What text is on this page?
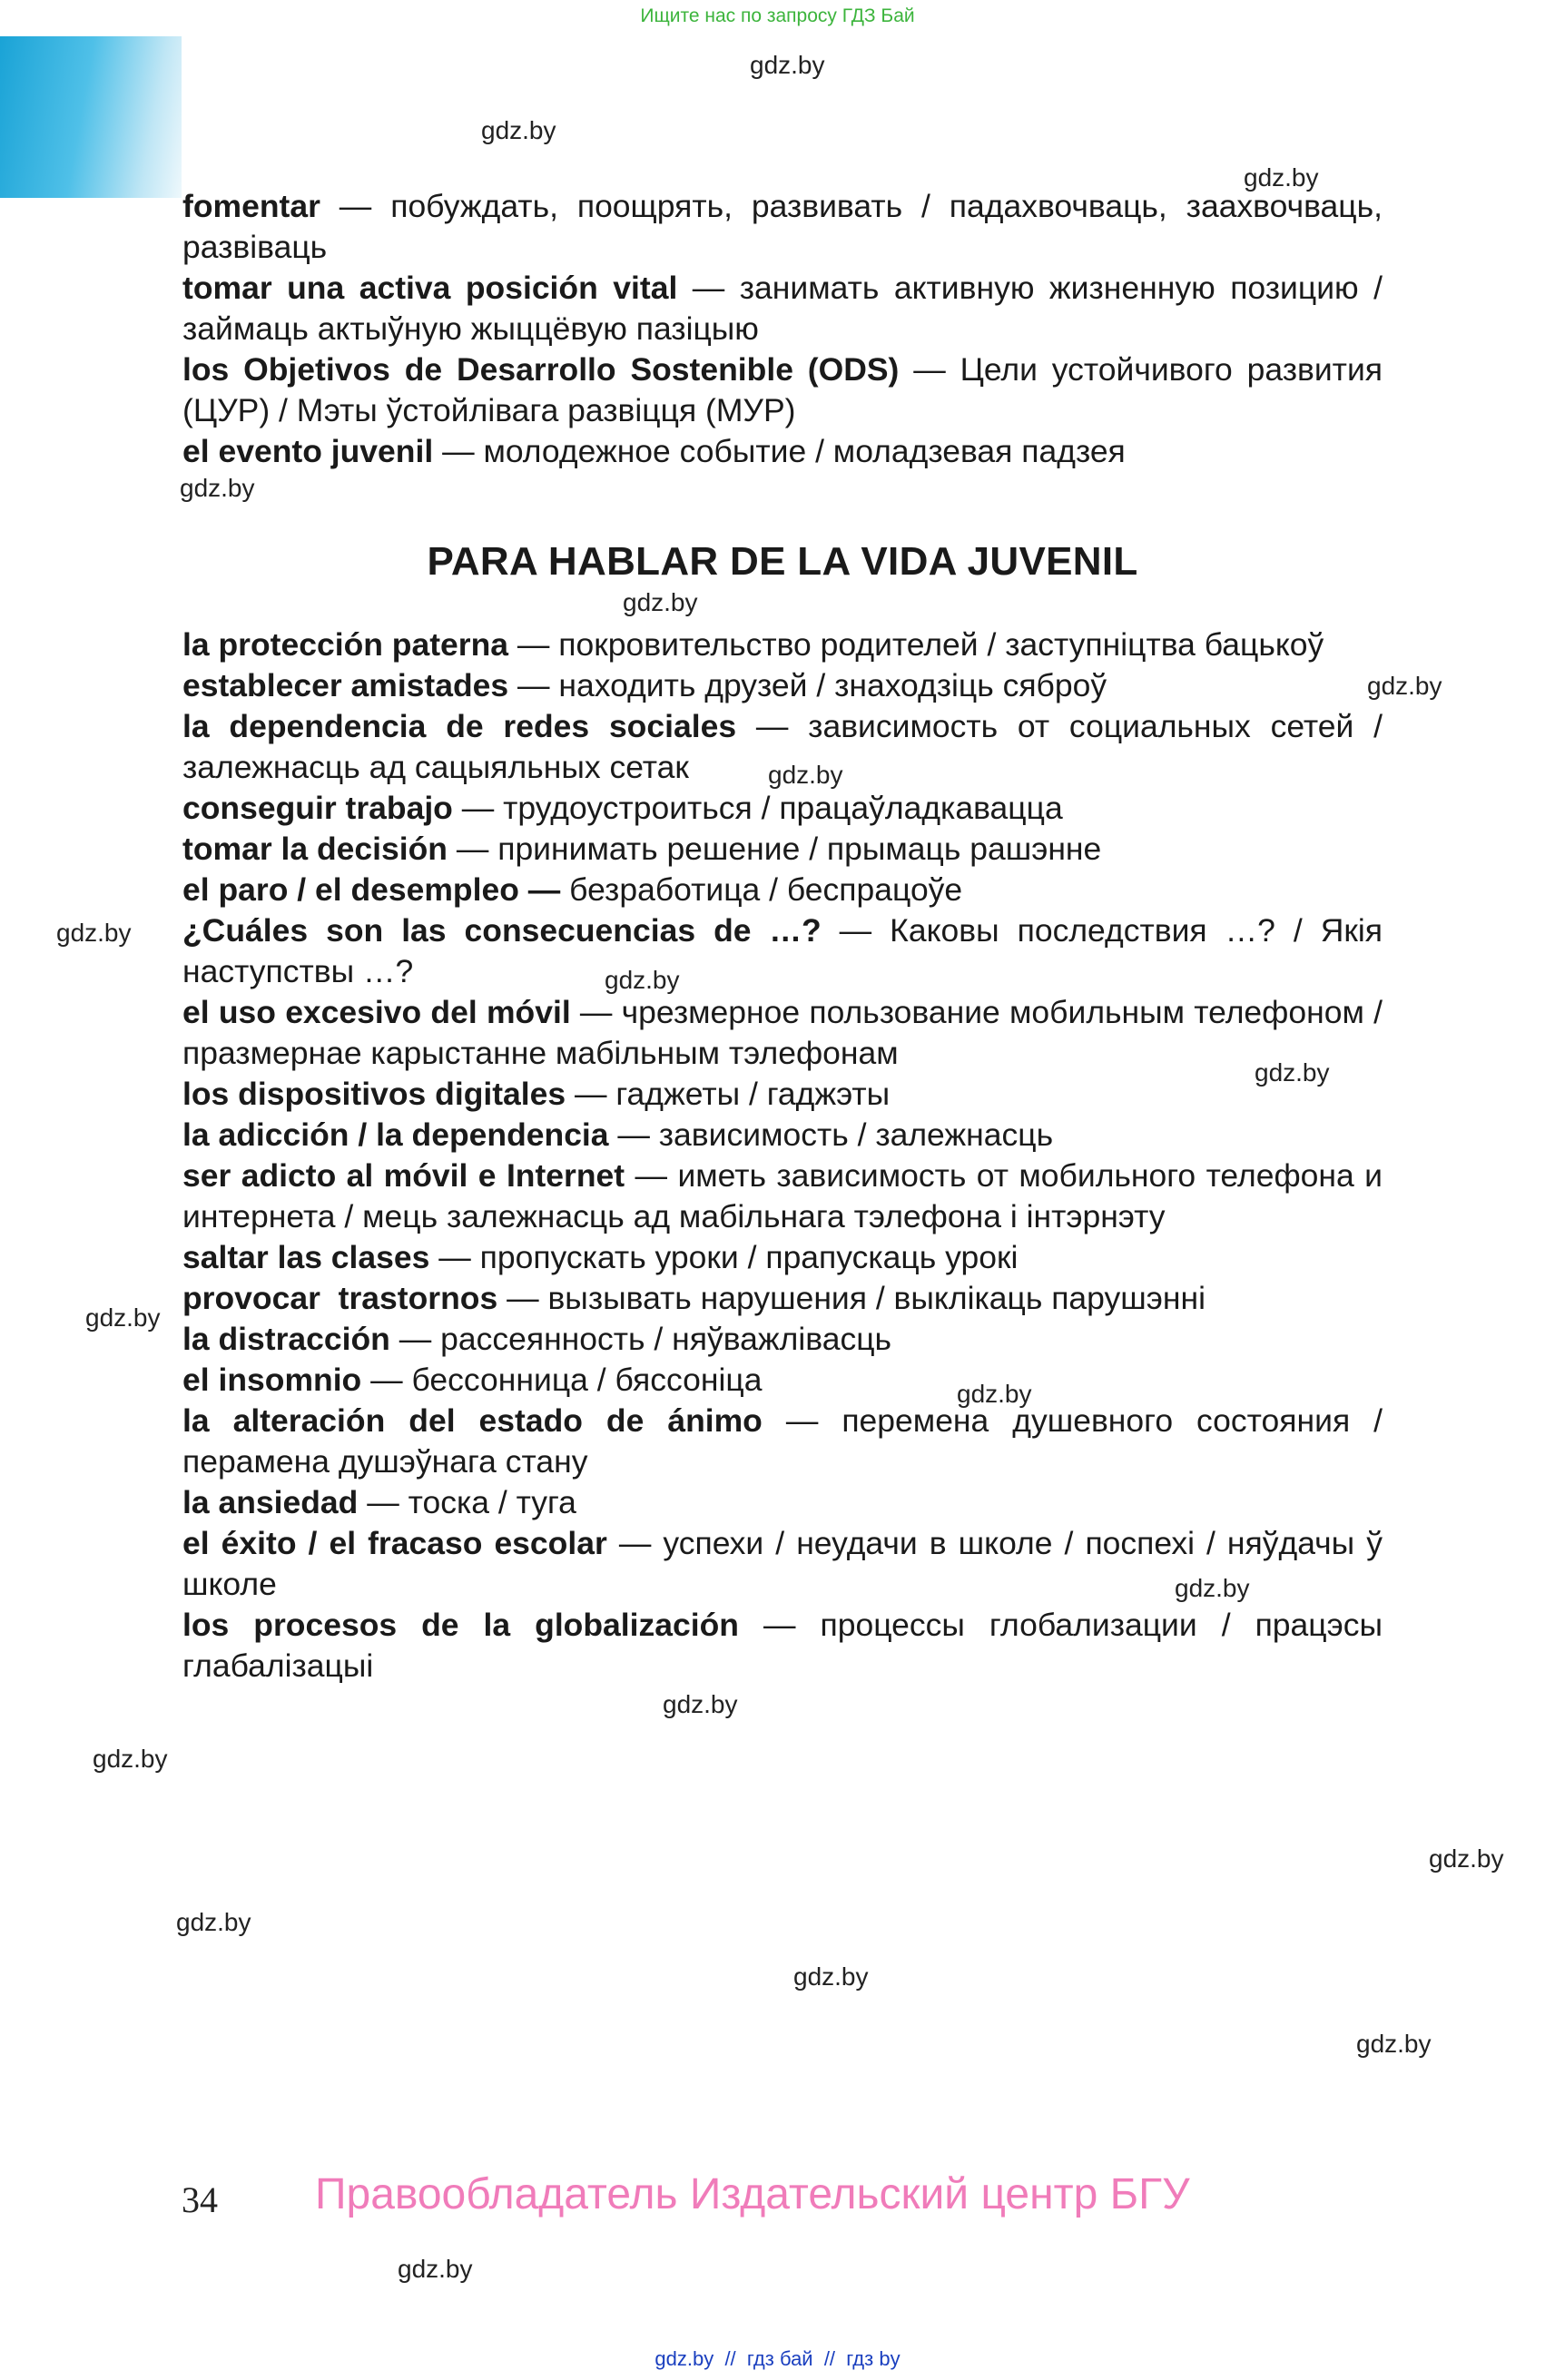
Ищите нас по запросу ГДЗ Бай
gdz.by
gdz.by
gdz.by
gdz.by
gdz.by
gdz.by
gdz.by
gdz.by
gdz.by
gdz.by
gdz.by
gdz.by
gdz.by
gdz.by
gdz.by
gdz.by
gdz.by
gdz.by
gdz.by
gdz.by

fomentar — побуждать, поощрять, развивать / падахвочваць, заахвочваць, развіваць

tomar una activa posición vital — занимать активную жизненную позицию / займаць актыўную жыццёвую пазіцыю

los Objetivos de Desarrollo Sostenible (ODS) — Цели устойчивого развития (ЦУР) / Мэты ўстойлівага развіцця (МУР)

el evento juvenil — молодежное событие / моладзевая падзея

PARA HABLAR DE LA VIDA JUVENIL

la protección paterna — покровительство родителей / заступніцтва бацькоў

establecer amistades — находить друзей / знаходзіць сяброў

la dependencia de redes sociales — зависимость от социальных сетей / залежнасць ад сацыяльных сетак

conseguir trabajo — трудоустроиться / працаўладкавацца

tomar la decisión — принимать решение / прымаць рашэнне

el paro / el desempleo — безработица / беспрацоўе

¿Cuáles son las consecuencias de …? — Каковы последствия …? / Якія наступствы …?

el uso excesivo del móvil — чрезмерное пользование мобильным телефоном / празмернае карыстанне мабільным тэлефонам

los dispositivos digitales — гаджеты / гаджэты

la adicción / la dependencia — зависимость / залежнасць

ser adicto al móvil e Internet — иметь зависимость от мобильного телефона и интернета / мець залежнасць ад мабільнага тэлефона і інтэрнэту

saltar las clases — пропускать уроки / прапускаць урокі

provocar  trastornos — вызывать нарушения / выклікаць парушэнні

la distracción — рассеянность / няўважлівасць

el insomnio — бессонница / бяссоніца

la alteración del estado de ánimo — перемена душевного состояния / перамена душэўнага стану

la ansiedad — тоска / туга

el éxito / el fracaso escolar — успехи / неудачи в школе / поспехі / няўдачы ў школе

los procesos de la globalización — процессы глобализации / працэсы глабалізацыі

34 Правообладатель Издательский центр БГУ
gdz.by  //  гдз бай  //  гдз by
